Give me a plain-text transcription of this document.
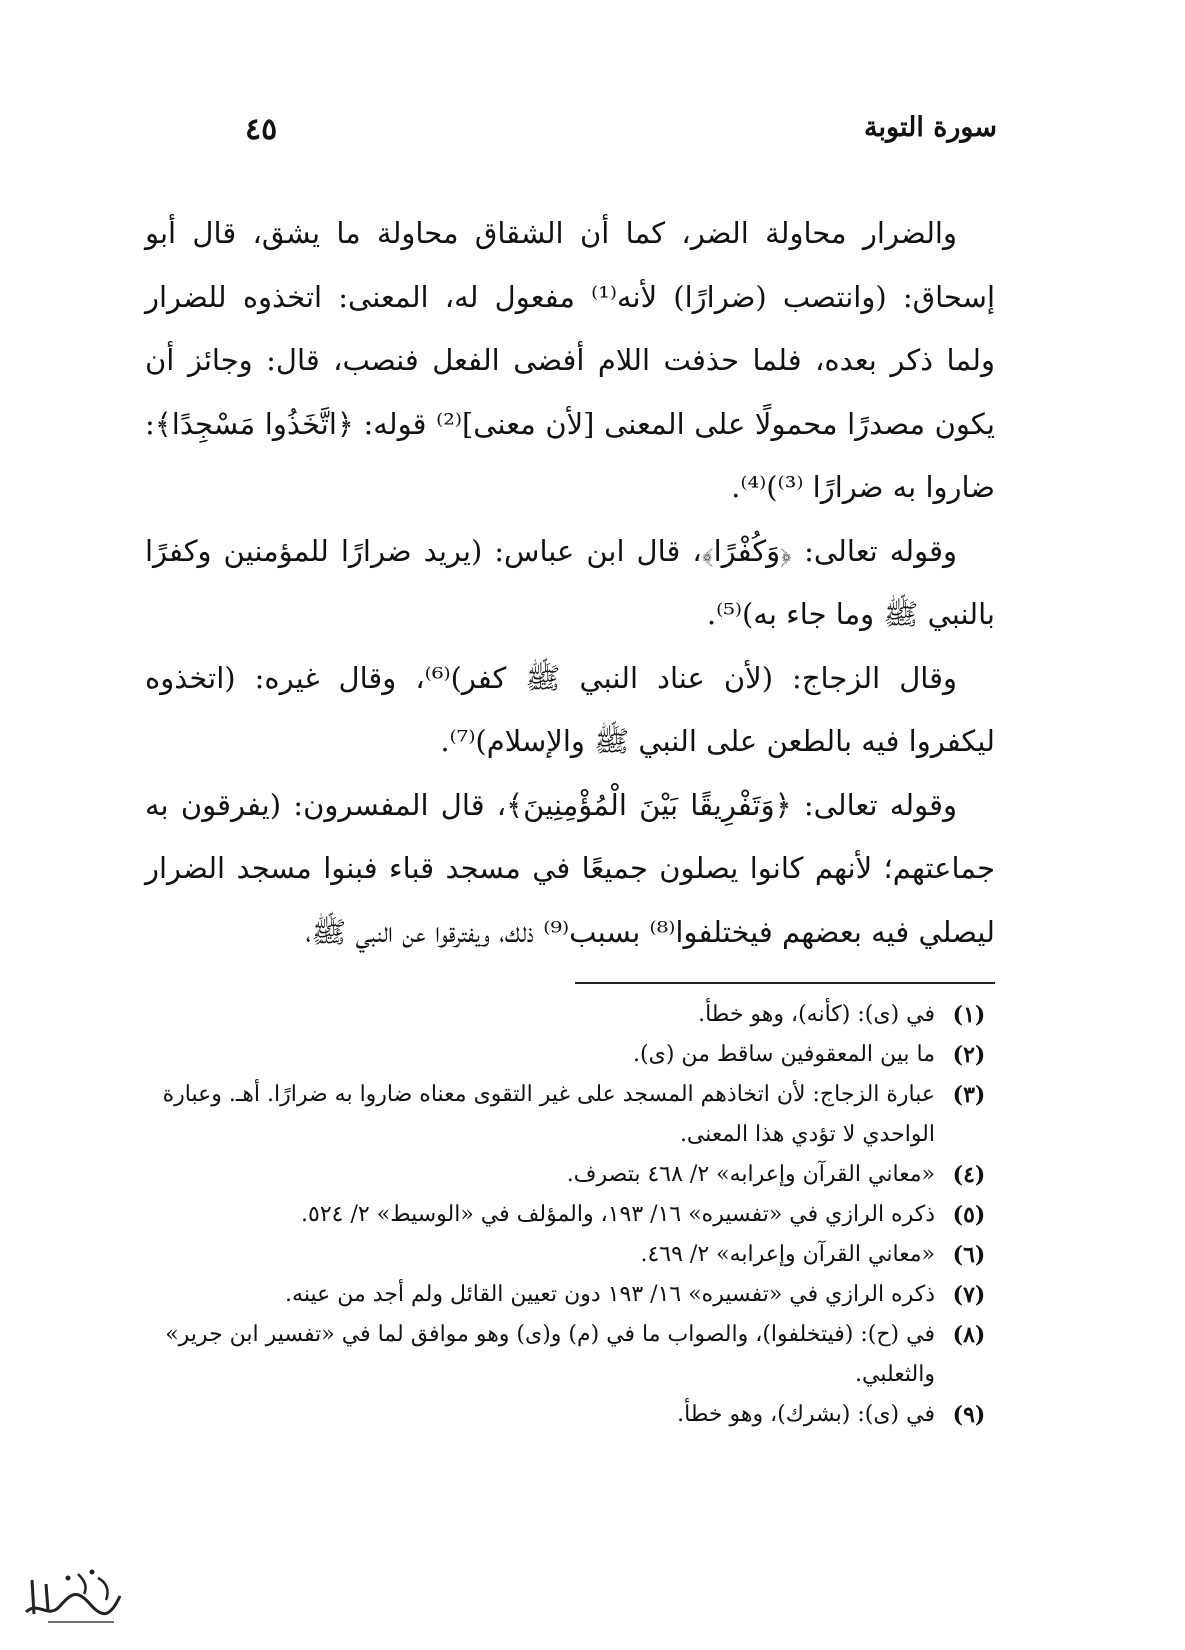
سورة التوبة
٤٥

والضرار محاولة الضر، كما أن الشقاق محاولة ما يشق، قال أبو إسحاق: (وانتصب (ضرارًا) لأنه⁽¹⁾ مفعول له، المعنى: اتخذوه للضرار ولما ذكر بعده، فلما حذفت اللام أفضى الفعل فنصب، قال: وجائز أن يكون مصدرًا محمولًا على المعنى [لأن معنى]⁽²⁾ قوله: ﴿اتَّخَذُوا مَسْجِدًا﴾: ضاروا به ضرارًا ⁽³⁾)⁽⁴⁾.

وقوله تعالى: ﴿وَكُفْرًا﴾، قال ابن عباس: (يريد ضرارًا للمؤمنين وكفرًا بالنبي ﷺ وما جاء به)⁽⁵⁾.

وقال الزجاج: (لأن عناد النبي ﷺ كفر)⁽⁶⁾، وقال غيره: (اتخذوه ليكفروا فيه بالطعن على النبي ﷺ والإسلام)⁽⁷⁾.

وقوله تعالى: ﴿وَتَفْرِيقًا بَيْنَ الْمُؤْمِنِينَ﴾، قال المفسرون: (يفرقون به جماعتهم؛ لأنهم كانوا يصلون جميعًا في مسجد قباء فبنوا مسجد الضرار ليصلي فيه بعضهم فيختلفوا⁽⁸⁾ بسبب⁽⁹⁾ ذلك، ويفترقوا عن النبي ﷺ،

(١)
في (ى): (كأنه)، وهو خطأ.
(٢)
ما بين المعقوفين ساقط من (ى).
(٣)
عبارة الزجاج: لأن اتخاذهم المسجد على غير التقوى معناه ضاروا به ضرارًا. أهـ. وعبارة الواحدي لا تؤدي هذا المعنى.
(٤)
«معاني القرآن وإعرابه» ٢/ ٤٦٨ بتصرف.
(٥)
ذكره الرازي في «تفسيره» ١٦/ ١٩٣، والمؤلف في «الوسيط» ٢/ ٥٢٤.
(٦)
«معاني القرآن وإعرابه» ٢/ ٤٦٩.
(٧)
ذكره الرازي في «تفسيره» ١٦/ ١٩٣ دون تعيين القائل ولم أجد من عينه.
(٨)
في (ح): (فيتخلفوا)، والصواب ما في (م) و(ى) وهو موافق لما في «تفسير ابن جرير» والثعلبي.
(٩)
في (ى): (بشرك)، وهو خطأ.
